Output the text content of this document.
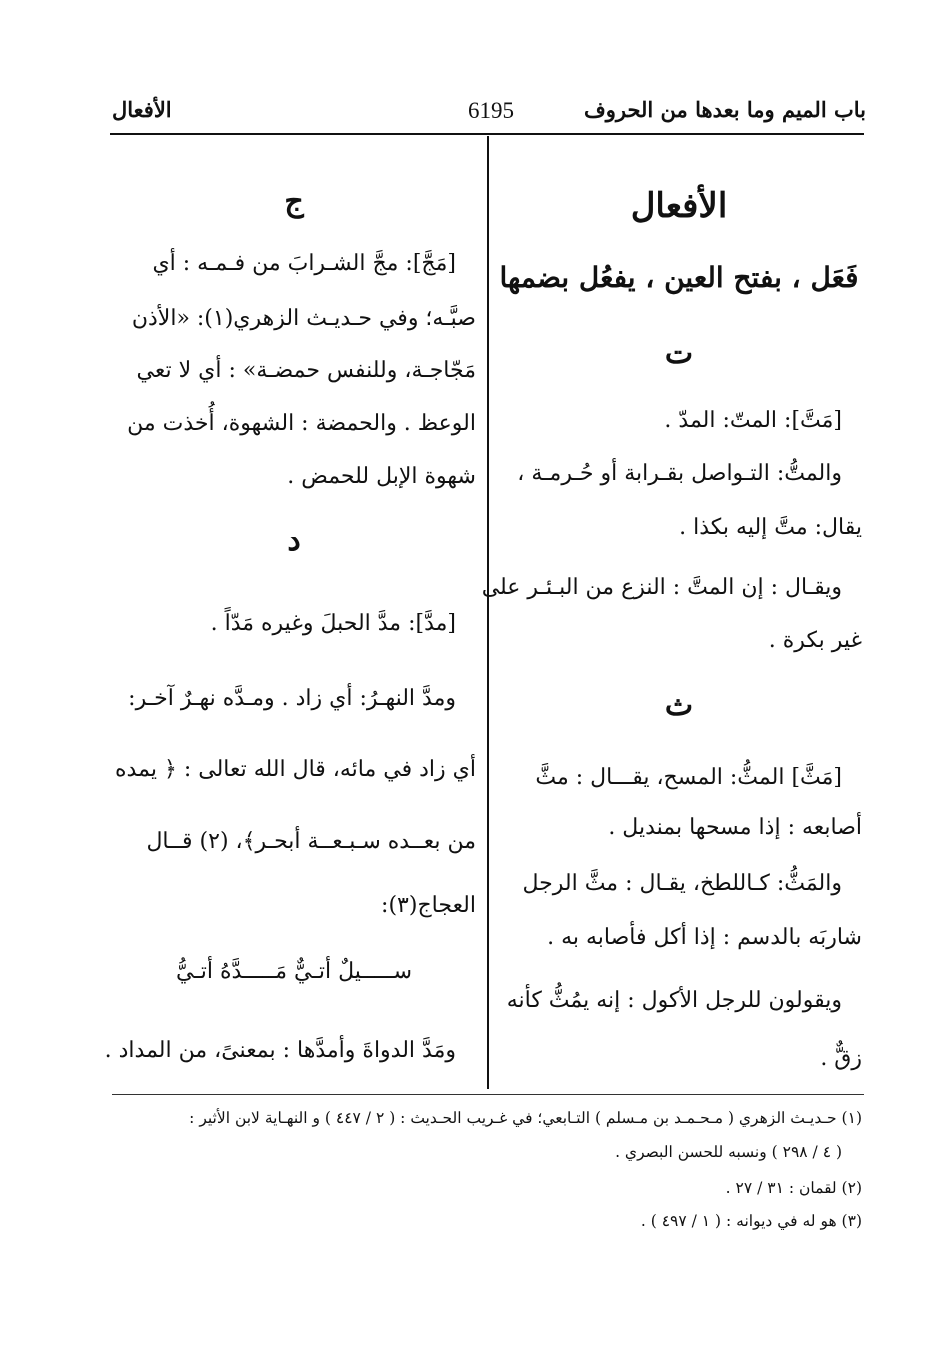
باب الميم وما بعدها من الحروف
6195
الأفعال
الأفعال
فَعَل ، بفتح العين ، يفعُل بضمها
ت
[مَتَّ]: المتّ: المدّ .
والمتُّ: التـواصل بقـرابة أو حُـرمـة ،
يقال: متَّ إليه بكذا .
ويقـال : إن المتَّ : النزع من البـئـر على
غير بكرة .
ث
[مَثَّ] المثُّ: المسح، يقـــال : مثَّ
أصابعه : إذا مسحها بمنديل .
والمَثُّ: كـاللطخ، يقـال : مثَّ الرجل
شاربَه بالدسم : إذا أكل فأصابه به .
ويقولون للرجل الأكول : إنه يمُثُّ كأنه
زقٌّ .
ج
[مَجَّ]: مجَّ الشـرابَ من فـمـه : أي
صبَّـه؛ وفي حـديـث الزهري(١): «الأذن
مَجّاجـة، وللنفس حمضـة» : أي لا تعي
الوعظ . والحمضة : الشهوة، أُخذت من
شهوة الإبل للحمض .
د
[مدَّ]: مدَّ الحبلَ وغيره مَدّاً .
ومدَّ النهـرُ: أي زاد . ومـدَّه نهـرٌ آخـر:
أي زاد في مائه، قال الله تعالى : ﴿ يمده
من بعــده سـبـعــة أبحـر﴾، (٢) قــال
العجاج(٣):
ســـــيلٌ أتـيٌّ مَـــــدَّهُ أتـيُّ
ومَدَّ الدواةَ وأمدَّها : بمعنىً، من المداد .
(١) حـديـث الزهري ( مـحـمـد بن مـسلم ) التـابعي؛ في غـريب الحـديث : ( ٢ / ٤٤٧ ) و النهـاية لابن الأثير :
( ٤ / ٢٩٨ ) ونسبه للحسن البصري .
(٢) لقمان : ٣١ / ٢٧ .
(٣) هو له في ديوانه : ( ١ / ٤٩٧ ) .
